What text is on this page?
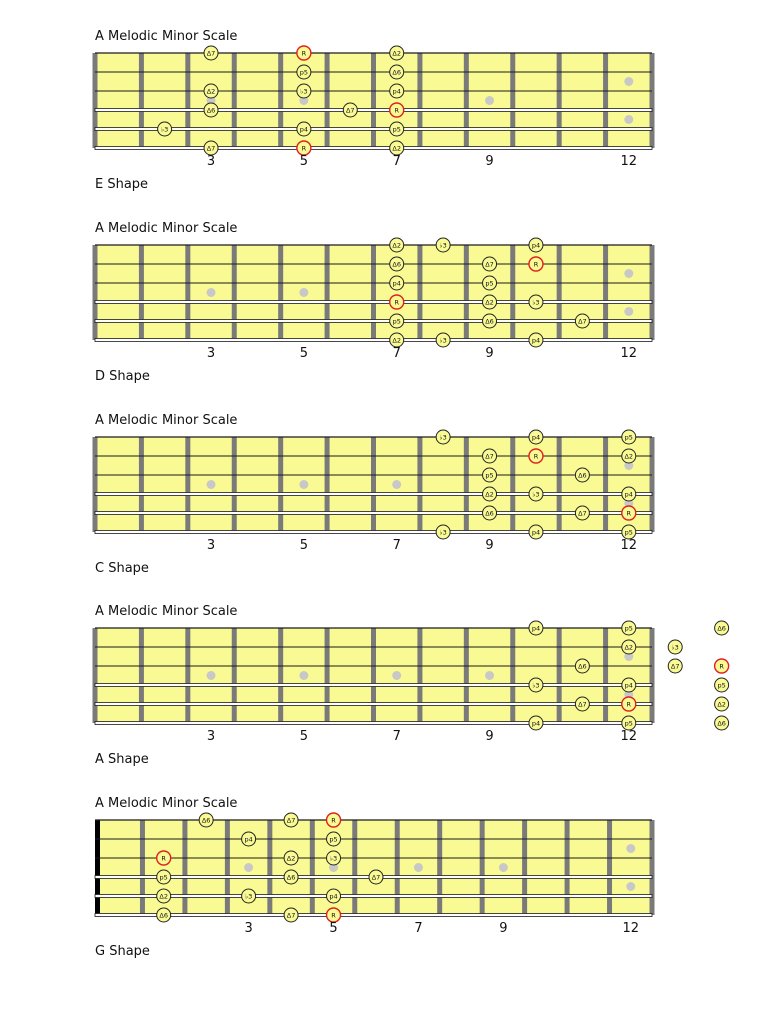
A Melodic Minor Scale
Δ7	R	Δ2
p5	Δ6
Δ2	♭3	p4
Δ6	Δ7	R
♭3	p4	p5
Δ7	R	Δ2
E Shape
3	5	7	9	12
A Melodic Minor Scale
Δ2	♭3	p4
Δ6	Δ7	R
p4	p5
R	Δ2	♭3
p5	Δ6	Δ7
Δ2	♭3	p4
D Shape
3	5	7	9	12
A Melodic Minor Scale
♭3	p4	p5
Δ7	R	Δ2
p5	Δ6
Δ2	♭3	p4
Δ6	Δ7	R
♭3	p4	p5
C Shape
3	5	7	9	12
A Melodic Minor Scale
p4	p5	Δ6
Δ2	♭3
Δ6	Δ7	R
♭3	p4	p5
Δ7	R	Δ2
p4	p5	Δ6
A Shape
3	5	7	9	12
A Melodic Minor Scale
Δ6	Δ7	R
p4	p5
R	Δ2	♭3
p5	Δ6	Δ7
Δ2	♭3	p4
Δ6	Δ7	R
G Shape
3	5	7	9	12
